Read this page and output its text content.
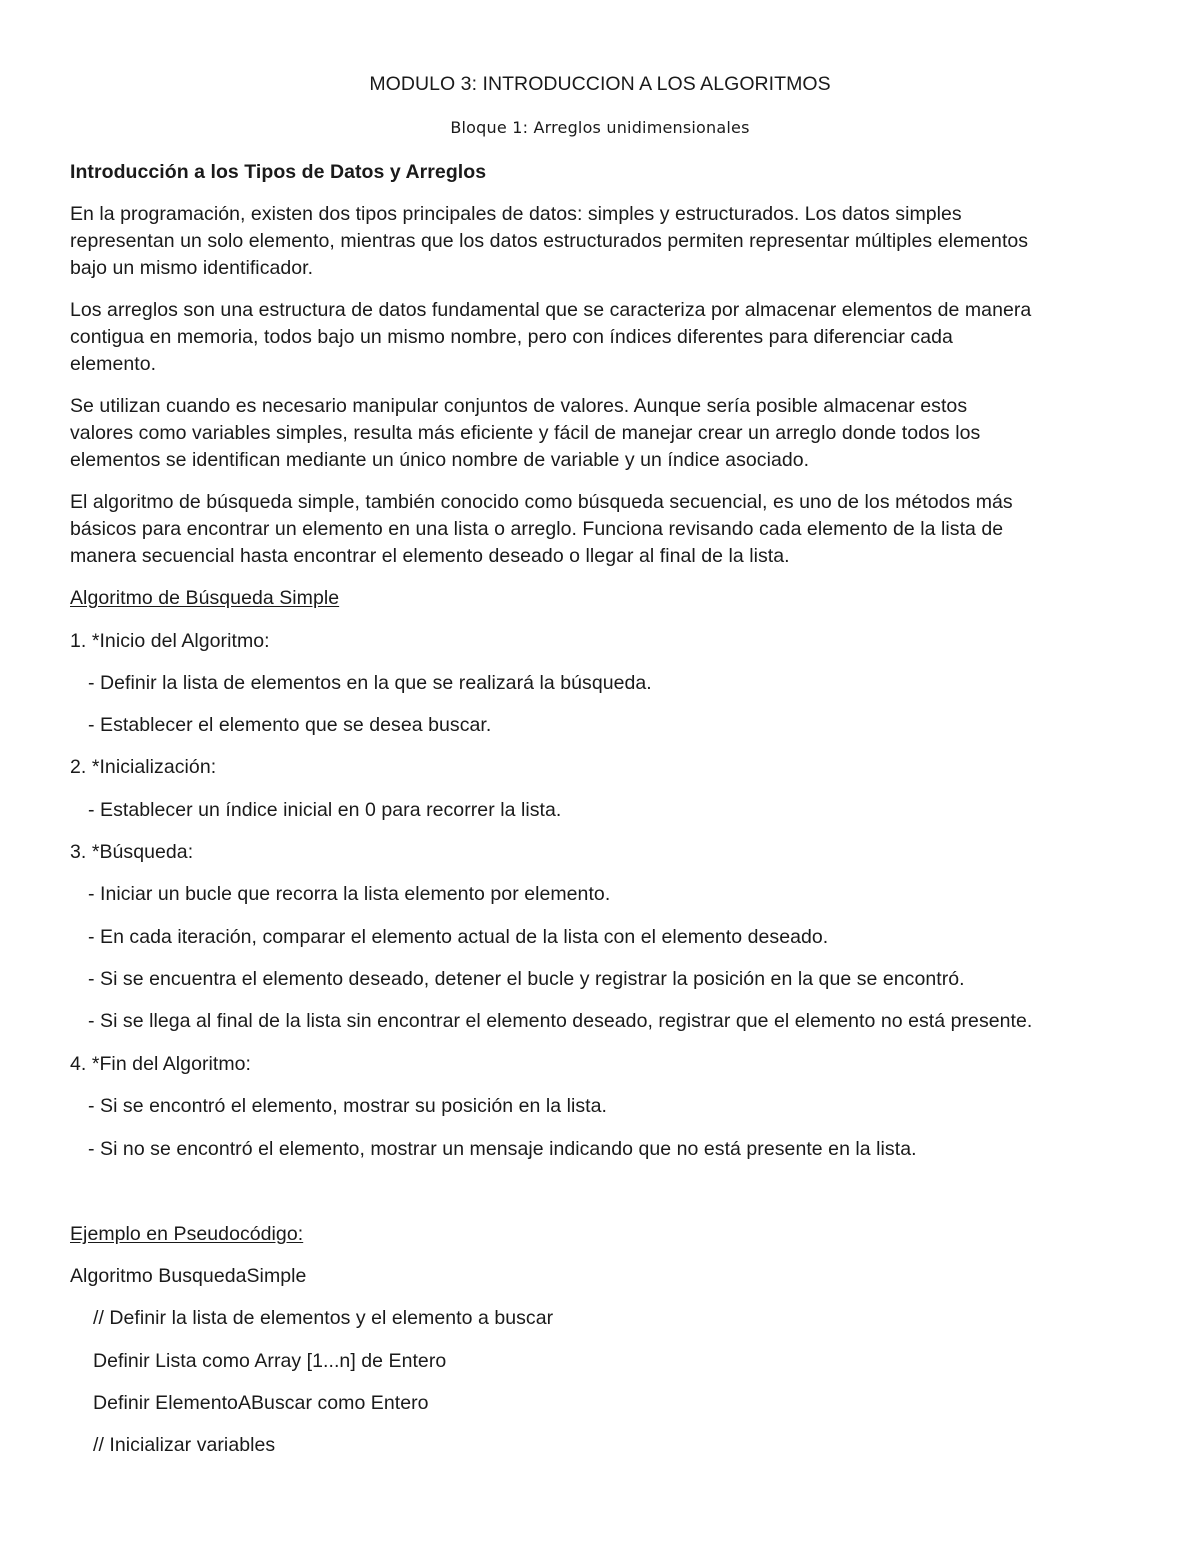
MODULO 3: INTRODUCCION A LOS ALGORITMOS
Bloque 1: Arreglos unidimensionales
Introducción a los Tipos de Datos y Arreglos
En la programación, existen dos tipos principales de datos: simples y estructurados. Los datos simples
representan un solo elemento, mientras que los datos estructurados permiten representar múltiples elementos
bajo un mismo identificador.
Los arreglos son una estructura de datos fundamental que se caracteriza por almacenar elementos de manera
contigua en memoria, todos bajo un mismo nombre, pero con índices diferentes para diferenciar cada
elemento.
Se utilizan cuando es necesario manipular conjuntos de valores. Aunque sería posible almacenar estos
valores como variables simples, resulta más eficiente y fácil de manejar crear un arreglo donde todos los
elementos se identifican mediante un único nombre de variable y un índice asociado.
El algoritmo de búsqueda simple, también conocido como búsqueda secuencial, es uno de los métodos más
básicos para encontrar un elemento en una lista o arreglo. Funciona revisando cada elemento de la lista de
manera secuencial hasta encontrar el elemento deseado o llegar al final de la lista.
Algoritmo de Búsqueda Simple
1. *Inicio del Algoritmo:
- Definir la lista de elementos en la que se realizará la búsqueda.
- Establecer el elemento que se desea buscar.
2. *Inicialización:
- Establecer un índice inicial en 0 para recorrer la lista.
3. *Búsqueda:
- Iniciar un bucle que recorra la lista elemento por elemento.
- En cada iteración, comparar el elemento actual de la lista con el elemento deseado.
- Si se encuentra el elemento deseado, detener el bucle y registrar la posición en la que se encontró.
- Si se llega al final de la lista sin encontrar el elemento deseado, registrar que el elemento no está presente.
4. *Fin del Algoritmo:
- Si se encontró el elemento, mostrar su posición en la lista.
- Si no se encontró el elemento, mostrar un mensaje indicando que no está presente en la lista.
Ejemplo en Pseudocódigo:
Algoritmo BusquedaSimple
// Definir la lista de elementos y el elemento a buscar
Definir Lista como Array [1...n] de Entero
Definir ElementoABuscar como Entero
// Inicializar variables
